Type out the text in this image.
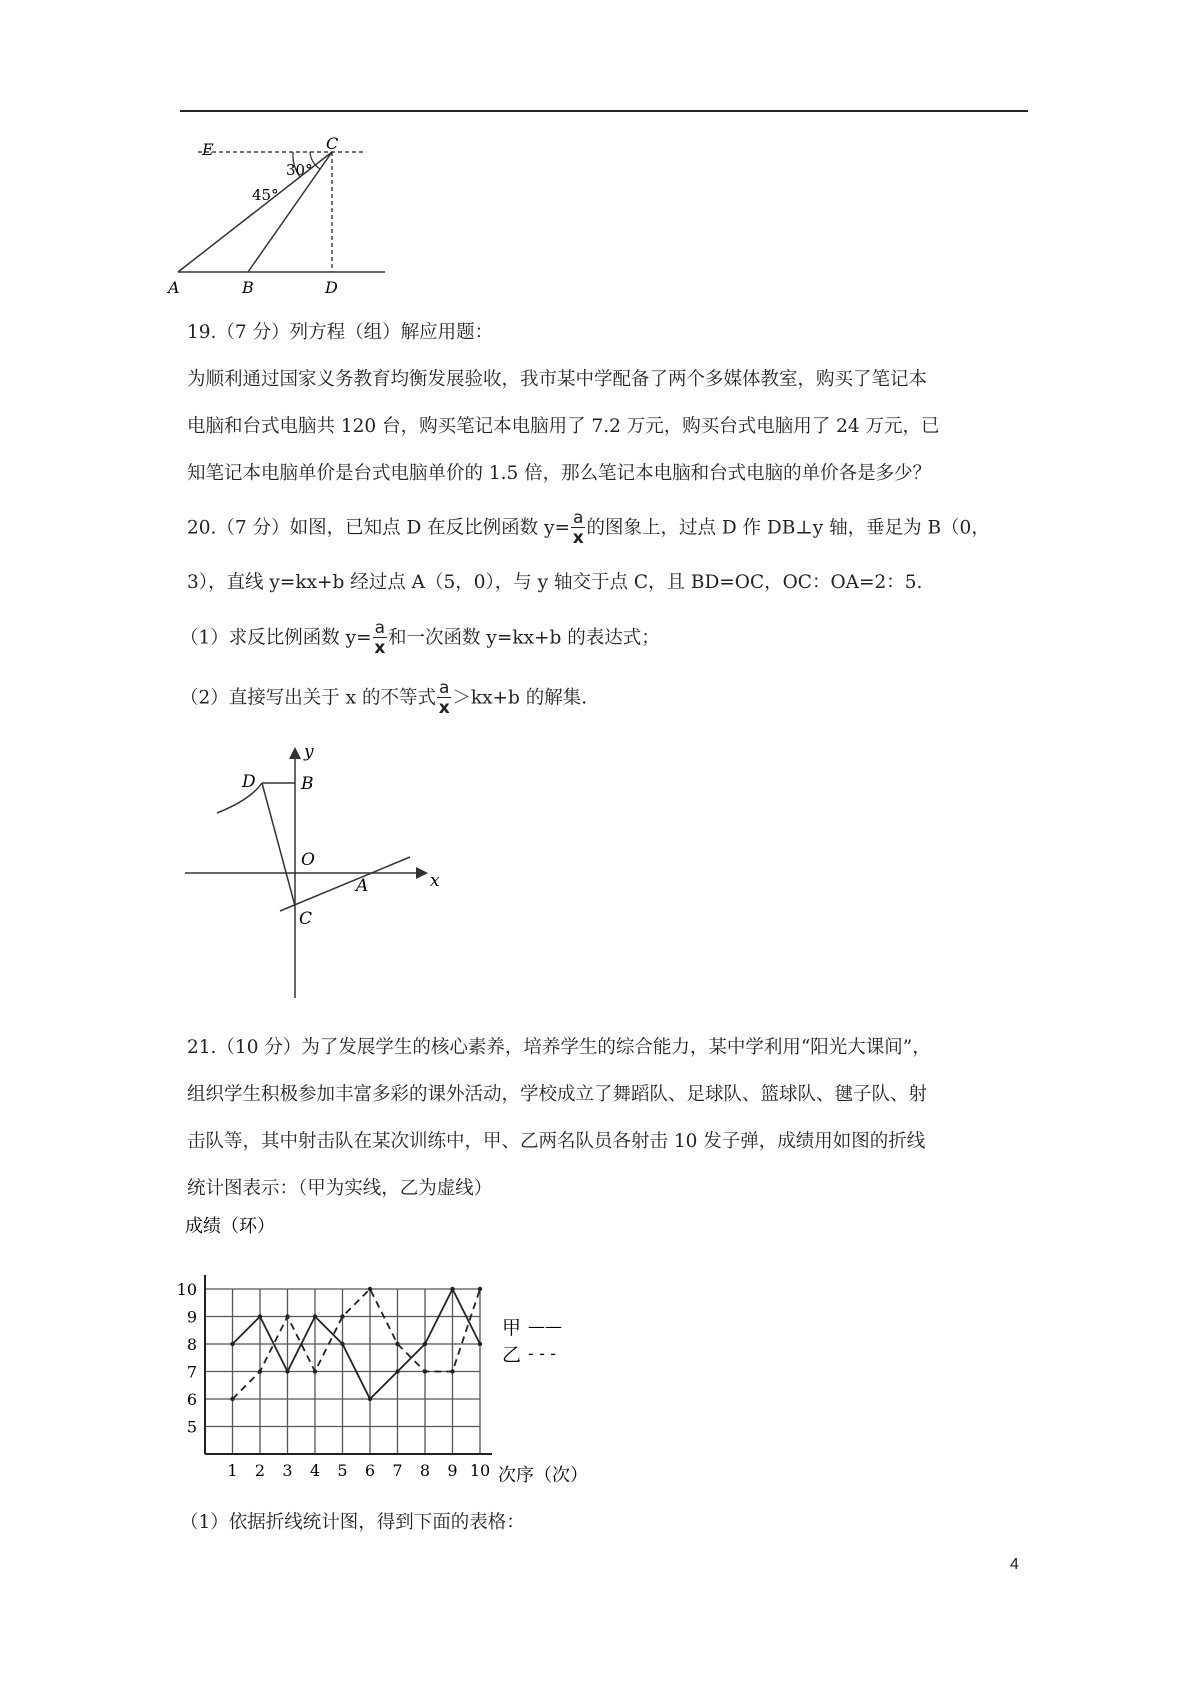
E	C
A	B	D
30°
45°
19.（7 分）列方程（组）解应用题：
为顺利通过国家义务教育均衡发展验收，我市某中学配备了两个多媒体教室，购买了笔记本
电脑和台式电脑共 120 台，购买笔记本电脑用了 7.2 万元，购买台式电脑用了 24 万元，已
知笔记本电脑单价是台式电脑单价的 1.5 倍，那么笔记本电脑和台式电脑的单价各是多少？
20.（7 分）如图，已知点 D 在反比例函数 $y= \frac{a}{x}$ 的图象上，过点 D 作 DB⊥y 轴，垂足为 B（0，
3），直线 y=kx+b 经过点 A（5，0），与 y 轴交于点 C，且 BD=OC，OC：OA=2：5.
（1）求反比例函数 $y= \frac{a}{x}$ 和一次函数 y=kx+b 的表达式；
（2）直接写出关于 x 的不等式 $\frac{a}{x} >kx+b$ 的解集.
y
x
D	B
O
A
C
21.（10 分）为了发展学生的核心素养，培养学生的综合能力，某中学利用“阳光大课间”，
组织学生积极参加丰富多彩的课外活动，学校成立了舞蹈队、足球队、篮球队、毽子队、射
击队等，其中射击队在某次训练中，甲、乙两名队员各射击 10 发子弹，成绩用如图的折线
统计图表示：（甲为实线，乙为虚线）
成绩（环）
次序（次）
5
6
7
8
9
10
1 2 3 4 5 6 7 8 9 10
甲 ——
乙 - - -
（1）依据折线统计图，得到下面的表格：
4
